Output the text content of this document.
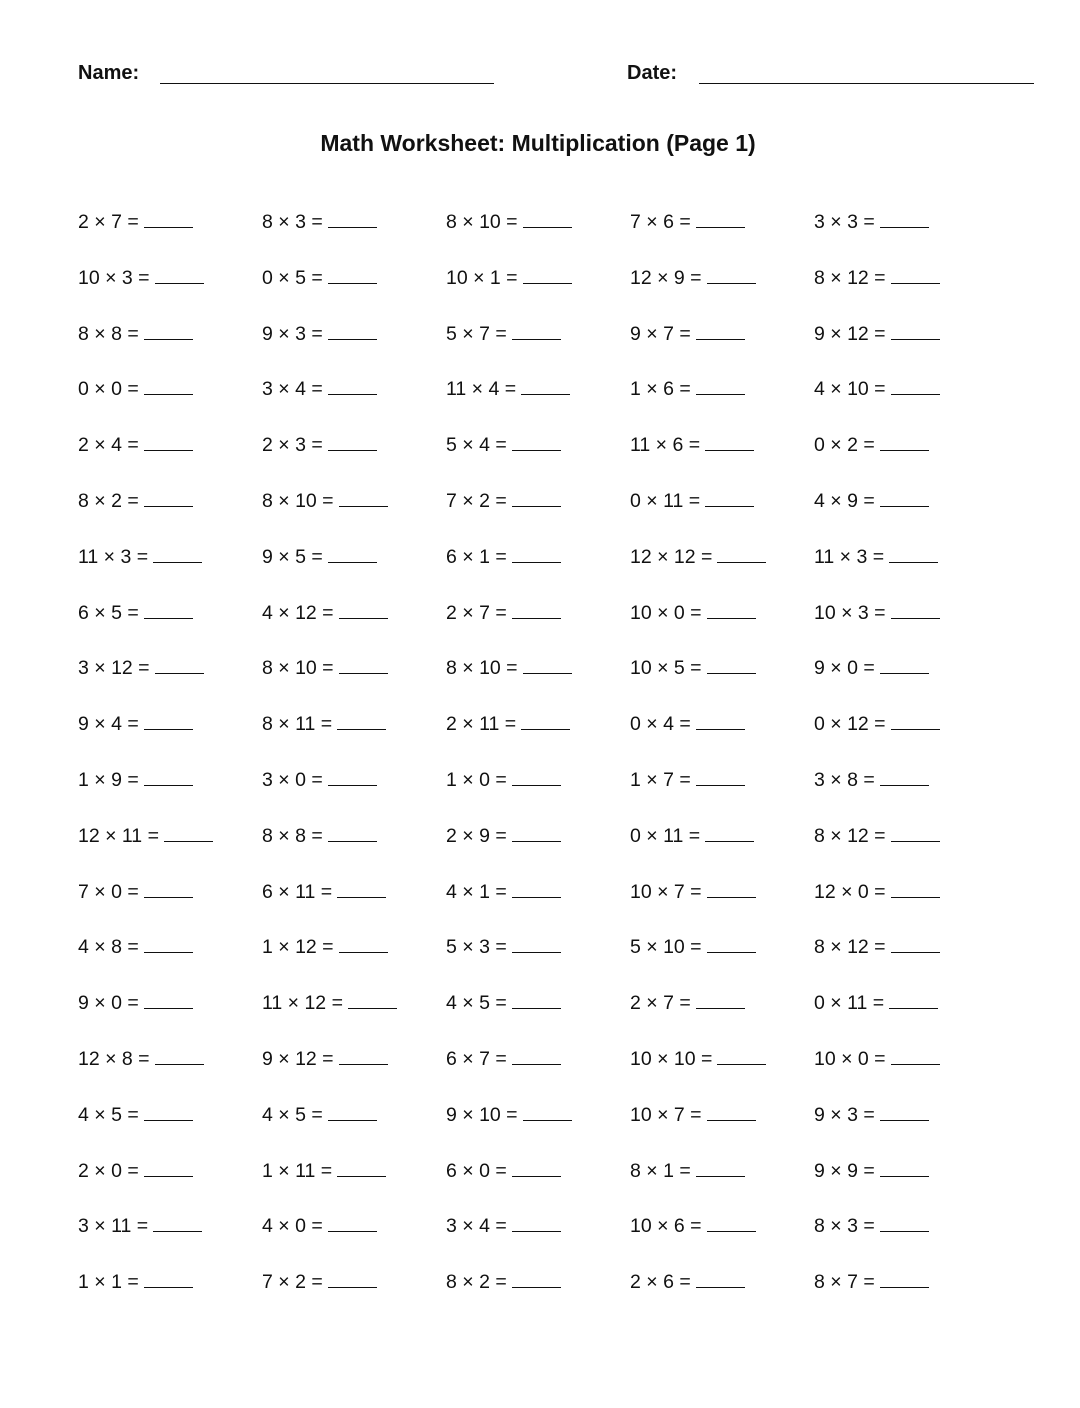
Name:	Date:
Math Worksheet: Multiplication (Page 1)
2 × 7 =	8 × 3 =	8 × 10 =	7 × 6 =	3 × 3 =
10 × 3 =	0 × 5 =	10 × 1 =	12 × 9 =	8 × 12 =
8 × 8 =	9 × 3 =	5 × 7 =	9 × 7 =	9 × 12 =
0 × 0 =	3 × 4 =	11 × 4 =	1 × 6 =	4 × 10 =
2 × 4 =	2 × 3 =	5 × 4 =	11 × 6 =	0 × 2 =
8 × 2 =	8 × 10 =	7 × 2 =	0 × 11 =	4 × 9 =
11 × 3 =	9 × 5 =	6 × 1 =	12 × 12 =	11 × 3 =
6 × 5 =	4 × 12 =	2 × 7 =	10 × 0 =	10 × 3 =
3 × 12 =	8 × 10 =	8 × 10 =	10 × 5 =	9 × 0 =
9 × 4 =	8 × 11 =	2 × 11 =	0 × 4 =	0 × 12 =
1 × 9 =	3 × 0 =	1 × 0 =	1 × 7 =	3 × 8 =
12 × 11 =	8 × 8 =	2 × 9 =	0 × 11 =	8 × 12 =
7 × 0 =	6 × 11 =	4 × 1 =	10 × 7 =	12 × 0 =
4 × 8 =	1 × 12 =	5 × 3 =	5 × 10 =	8 × 12 =
9 × 0 =	11 × 12 =	4 × 5 =	2 × 7 =	0 × 11 =
12 × 8 =	9 × 12 =	6 × 7 =	10 × 10 =	10 × 0 =
4 × 5 =	4 × 5 =	9 × 10 =	10 × 7 =	9 × 3 =
2 × 0 =	1 × 11 =	6 × 0 =	8 × 1 =	9 × 9 =
3 × 11 =	4 × 0 =	3 × 4 =	10 × 6 =	8 × 3 =
1 × 1 =	7 × 2 =	8 × 2 =	2 × 6 =	8 × 7 =
